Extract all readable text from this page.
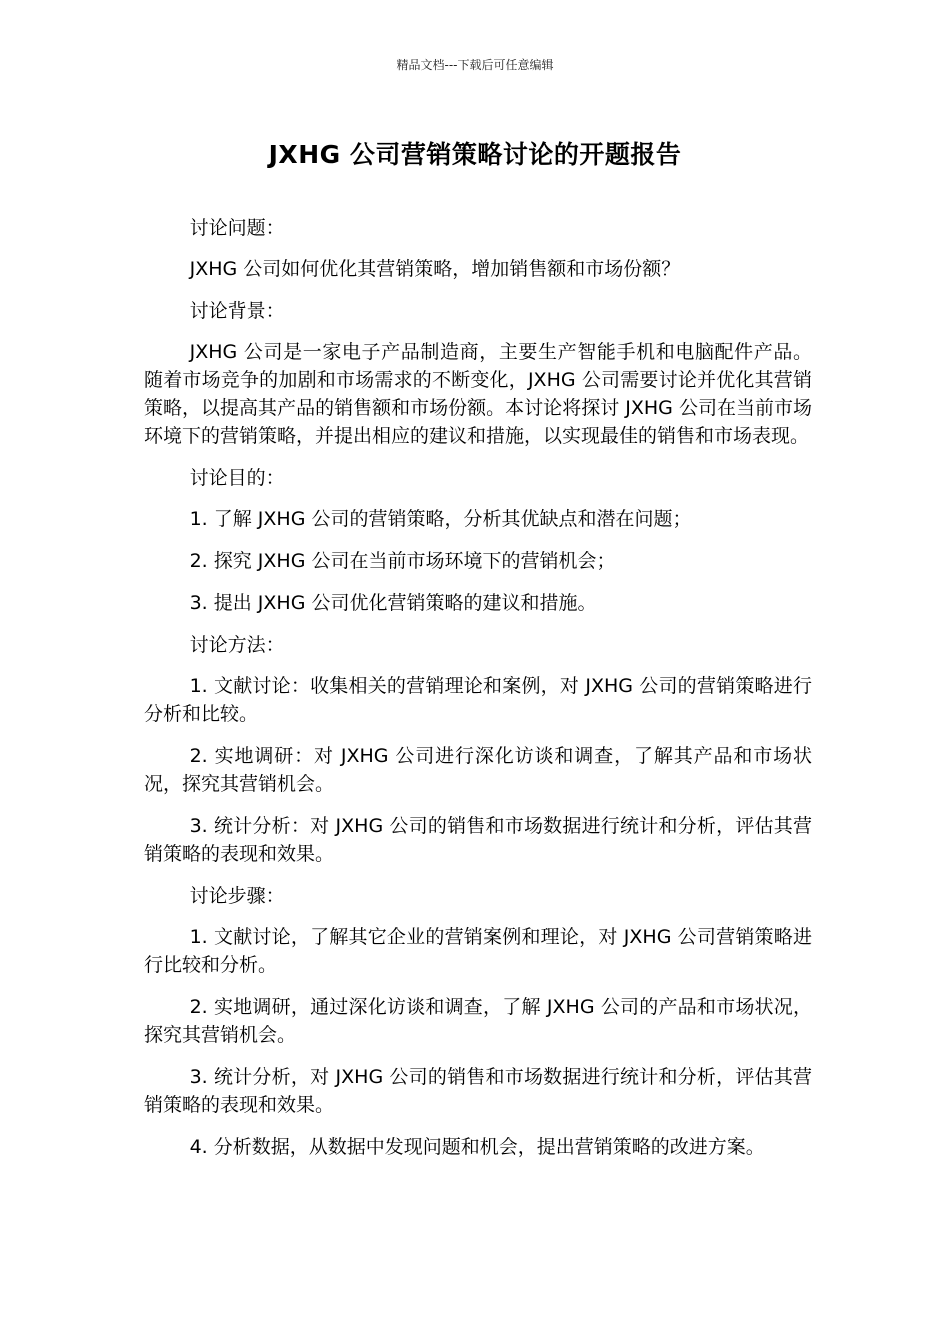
精品文档---下载后可任意编辑
JXHG 公司营销策略讨论的开题报告

讨论问题：

JXHG 公司如何优化其营销策略，增加销售额和市场份额？

讨论背景：

JXHG 公司是一家电子产品制造商，主要生产智能手机和电脑配件产品。随着市场竞争的加剧和市场需求的不断变化，JXHG 公司需要讨论并优化其营销策略，以提高其产品的销售额和市场份额。本讨论将探讨 JXHG 公司在当前市场环境下的营销策略，并提出相应的建议和措施，以实现最佳的销售和市场表现。

讨论目的：

1. 了解 JXHG 公司的营销策略，分析其优缺点和潜在问题；

2. 探究 JXHG 公司在当前市场环境下的营销机会；

3. 提出 JXHG 公司优化营销策略的建议和措施。

讨论方法：

1. 文献讨论：收集相关的营销理论和案例，对 JXHG 公司的营销策略进行分析和比较。

2. 实地调研：对 JXHG 公司进行深化访谈和调查，了解其产品和市场状况，探究其营销机会。

3. 统计分析：对 JXHG 公司的销售和市场数据进行统计和分析，评估其营销策略的表现和效果。

讨论步骤：

1. 文献讨论，了解其它企业的营销案例和理论，对 JXHG 公司营销策略进行比较和分析。

2. 实地调研，通过深化访谈和调查，了解 JXHG 公司的产品和市场状况，探究其营销机会。

3. 统计分析，对 JXHG 公司的销售和市场数据进行统计和分析，评估其营销策略的表现和效果。

4. 分析数据，从数据中发现问题和机会，提出营销策略的改进方案。
